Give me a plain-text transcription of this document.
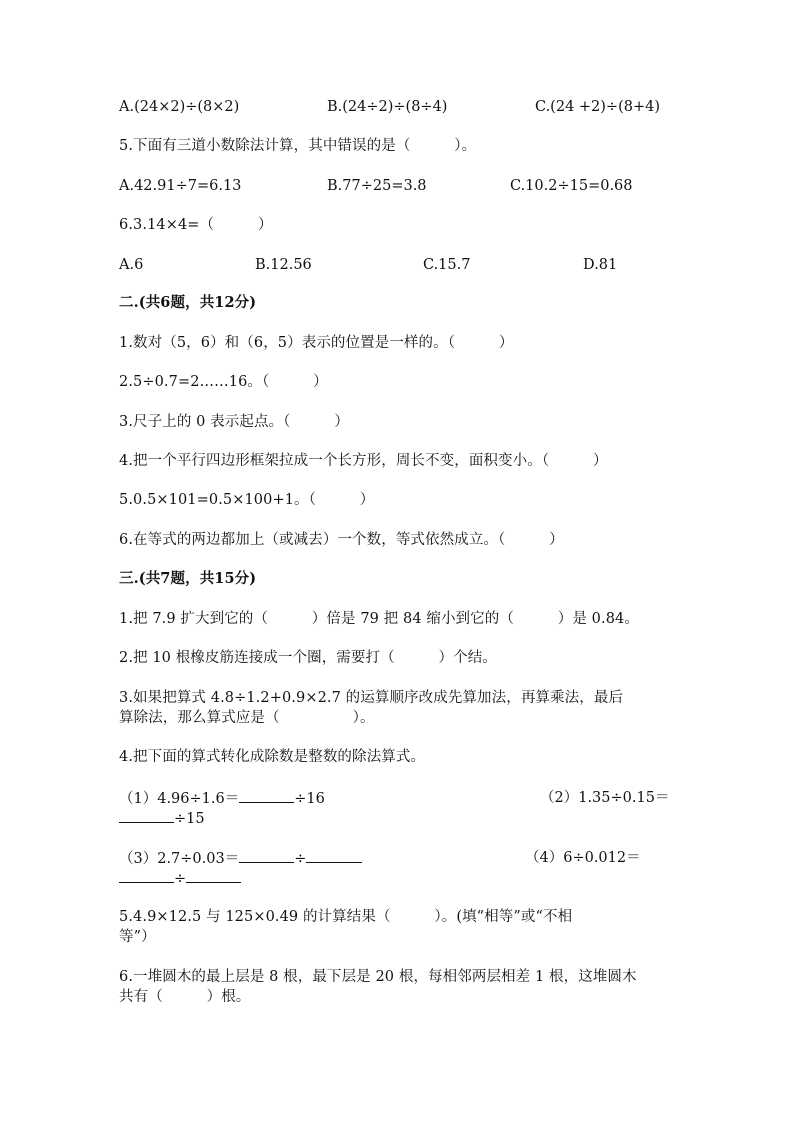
A.(24×2)÷(8×2)	B.(24÷2)÷(8÷4)	C.(24 +2)÷(8+4)
5.下面有三道小数除法计算，其中错误的是（　　　）。
A.42.91÷7=6.13	B.77÷25=3.8	C.10.2÷15=0.68
6.3.14×4=（　　　）
A.6	B.12.56	C.15.7	D.81
二.(共6题，共12分)
1.数对（5，6）和（6，5）表示的位置是一样的。（　　　）
2.5÷0.7=2……16。（　　　）
3.尺子上的 0 表示起点。（　　　）
4.把一个平行四边形框架拉成一个长方形，周长不变，面积变小。（　　　）
5.0.5×101=0.5×100+1。（　　　）
6.在等式的两边都加上（或减去）一个数，等式依然成立。（　　　）
三.(共7题，共15分)
1.把 7.9 扩大到它的（　　　）倍是 79 把 84 缩小到它的（　　　）是 0.84。
2.把 10 根橡皮筋连接成一个圈，需要打（　　　）个结。
3.如果把算式 4.8÷1.2+0.9×2.7 的运算顺序改成先算加法，再算乘法，最后
算除法，那么算式应是（　　　　　）。
4.把下面的算式转化成除数是整数的除法算式。
（1）4.96÷1.6＝	÷16	（2）1.35÷0.15＝
÷15
（3）2.7÷0.03＝	÷	（4）6÷0.012＝
÷
5.4.9×12.5 与 125×0.49 的计算结果（　　　）。(填“相等”或“不相
等”）
6.一堆圆木的最上层是 8 根，最下层是 20 根，每相邻两层相差 1 根，这堆圆木
共有（　　　）根。
